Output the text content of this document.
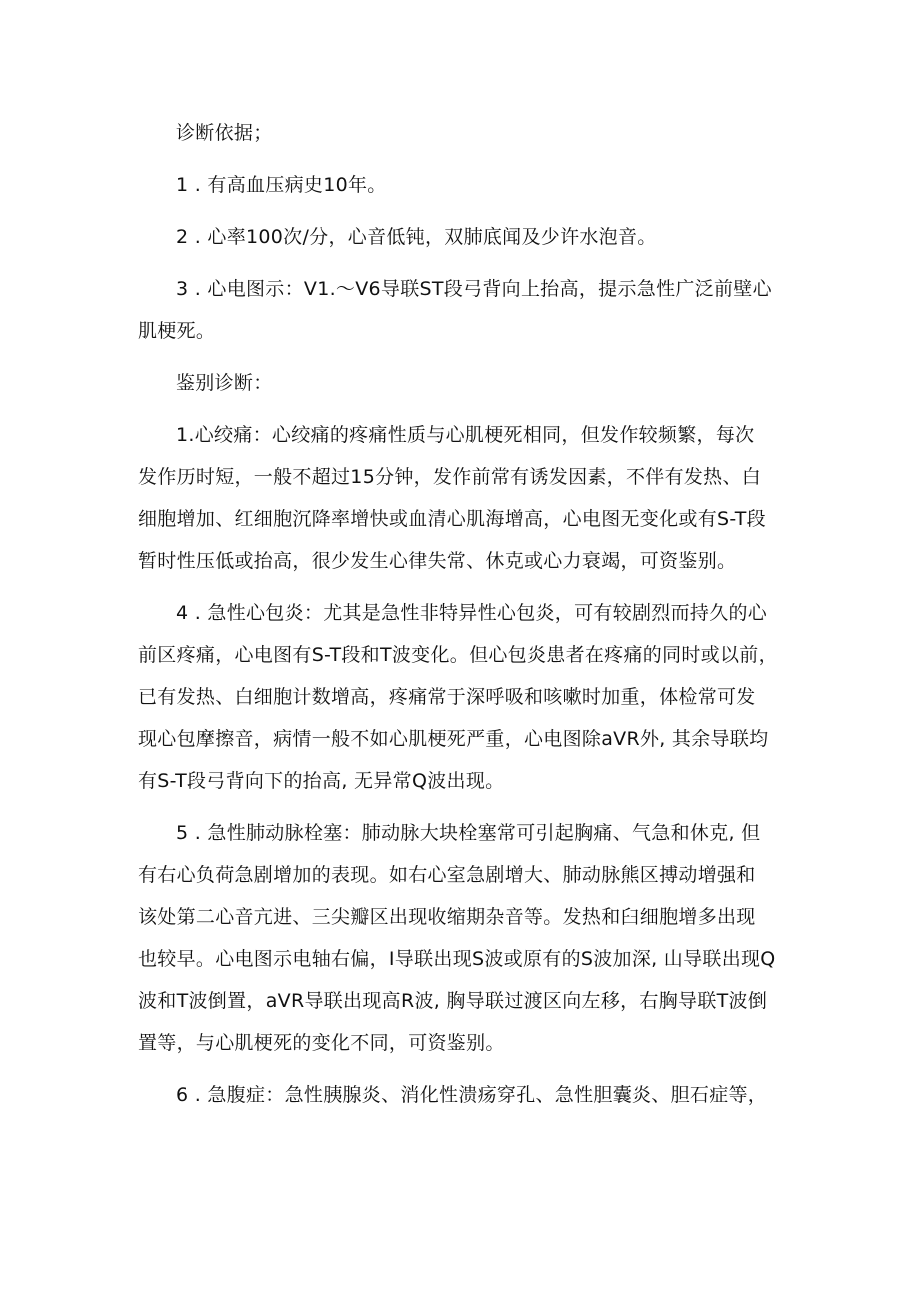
诊断依据；

1 . 有高血压病史10年。

2 . 心率100次/分，心音低钝，双肺底闻及少许水泡音。

3 . 心电图示：V1.〜V6导联ST段弓背向上抬高，提示急性广泛前壁心
肌梗死。

鉴别诊断：

1.心绞痛：心绞痛的疼痛性质与心肌梗死相同，但发作较频繁，每次
发作历时短，一般不超过15分钟，发作前常有诱发因素，不伴有发热、白
细胞增加、红细胞沉降率增快或血清心肌海增高，心电图无变化或有S-T段
暂时性压低或抬高，很少发生心律失常、休克或心力衰竭，可资鉴别。

4 . 急性心包炎：尤其是急性非特异性心包炎，可有较剧烈而持久的心
前区疼痛，心电图有S-T段和T波变化。但心包炎患者在疼痛的同时或以前，
已有发热、白细胞计数增高，疼痛常于深呼吸和咳嗽时加重，体检常可发
现心包摩擦音，病情一般不如心肌梗死严重，心电图除aVR外, 其余导联均
有S-T段弓背向下的抬高, 无异常Q波出现。

5 . 急性肺动脉栓塞：肺动脉大块栓塞常可引起胸痛、气急和休克, 但
有右心负荷急剧增加的表现。如右心室急剧增大、肺动脉熊区搏动增强和
该处第二心音亢进、三尖瓣区出现收缩期杂音等。发热和臼细胞增多出现
也较早。心电图示电轴右偏，I导联出现S波或原有的S波加深, 山导联出现Q
波和T波倒置，aVR导联出现高R波, 胸导联过渡区向左移，右胸导联T波倒
置等，与心肌梗死的变化不同，可资鉴别。

6 . 急腹症：急性胰腺炎、消化性溃疡穿孔、急性胆囊炎、胆石症等，
